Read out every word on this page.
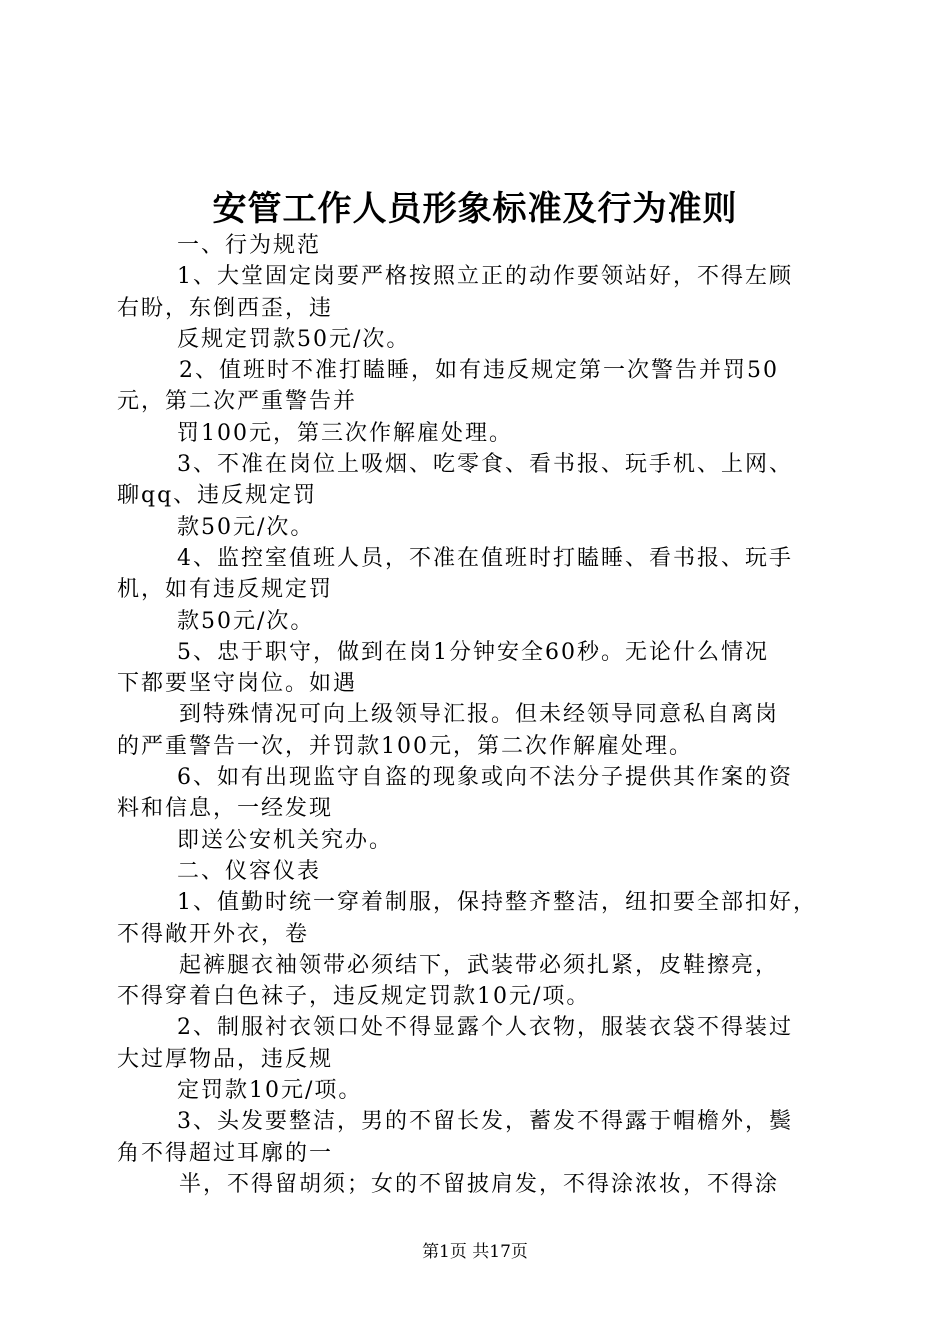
安管工作人员形象标准及行为准则
一、行为规范
1、大堂固定岗要严格按照立正的动作要领站好，不得左顾
右盼，东倒西歪，违
反规定罚款50元/次。
2、值班时不准打瞌睡，如有违反规定第一次警告并罚50
元，第二次严重警告并
罚100元，第三次作解雇处理。
3、不准在岗位上吸烟、吃零食、看书报、玩手机、上网、
聊qq、违反规定罚
款50元/次。
4、监控室值班人员，不准在值班时打瞌睡、看书报、玩手
机，如有违反规定罚
款50元/次。
5、忠于职守，做到在岗1分钟安全60秒。无论什么情况
下都要坚守岗位。如遇
到特殊情况可向上级领导汇报。但未经领导同意私自离岗
的严重警告一次，并罚款100元，第二次作解雇处理。
6、如有出现监守自盗的现象或向不法分子提供其作案的资
料和信息，一经发现
即送公安机关究办。
二、仪容仪表
1、值勤时统一穿着制服，保持整齐整洁，纽扣要全部扣好，
不得敞开外衣，卷
起裤腿衣袖领带必须结下，武装带必须扎紧，皮鞋擦亮，
不得穿着白色袜子，违反规定罚款10元/项。
2、制服衬衣领口处不得显露个人衣物，服装衣袋不得装过
大过厚物品，违反规
定罚款10元/项。
3、头发要整洁，男的不留长发，蓄发不得露于帽檐外，鬓
角不得超过耳廓的一
半，不得留胡须；女的不留披肩发，不得涂浓妆，不得涂
第1页 共17页
